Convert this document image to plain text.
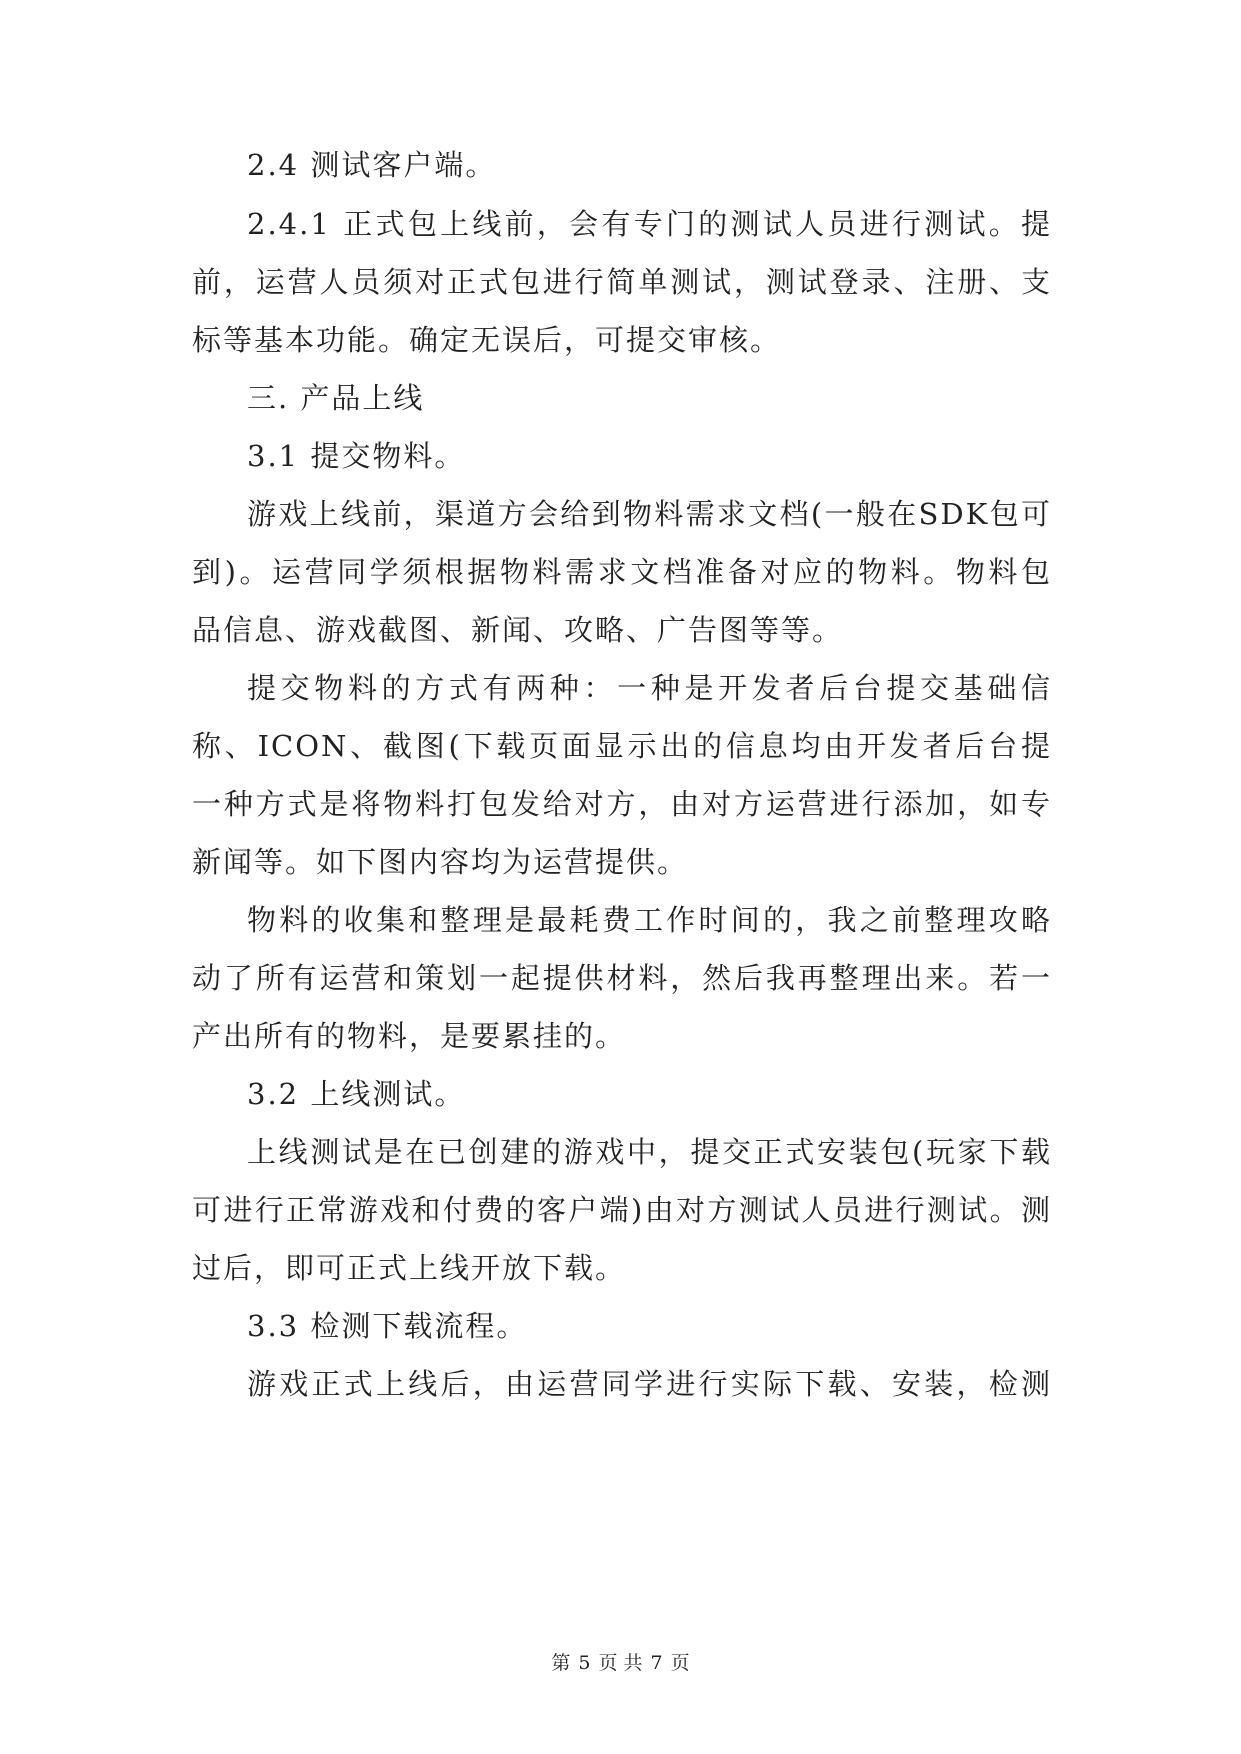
2.4 测试客户端。
2.4.1 正式包上线前，会有专门的测试人员进行测试。提
前，运营人员须对正式包进行简单测试，测试登录、注册、支
标等基本功能。确定无误后，可提交审核。
三. 产品上线
3.1 提交物料。
游戏上线前，渠道方会给到物料需求文档(一般在SDK包可
到)。运营同学须根据物料需求文档准备对应的物料。物料包
品信息、游戏截图、新闻、攻略、广告图等等。
提交物料的方式有两种：一种是开发者后台提交基础信
称、ICON、截图(下载页面显示出的信息均由开发者后台提
一种方式是将物料打包发给对方，由对方运营进行添加，如专
新闻等。如下图内容均为运营提供。
物料的收集和整理是最耗费工作时间的，我之前整理攻略
动了所有运营和策划一起提供材料，然后我再整理出来。若一
产出所有的物料，是要累挂的。
3.2 上线测试。
上线测试是在已创建的游戏中，提交正式安装包(玩家下载
可进行正常游戏和付费的客户端)由对方测试人员进行测试。测
过后，即可正式上线开放下载。
3.3 检测下载流程。
游戏正式上线后，由运营同学进行实际下载、安装，检测
第 5 页 共 7 页
